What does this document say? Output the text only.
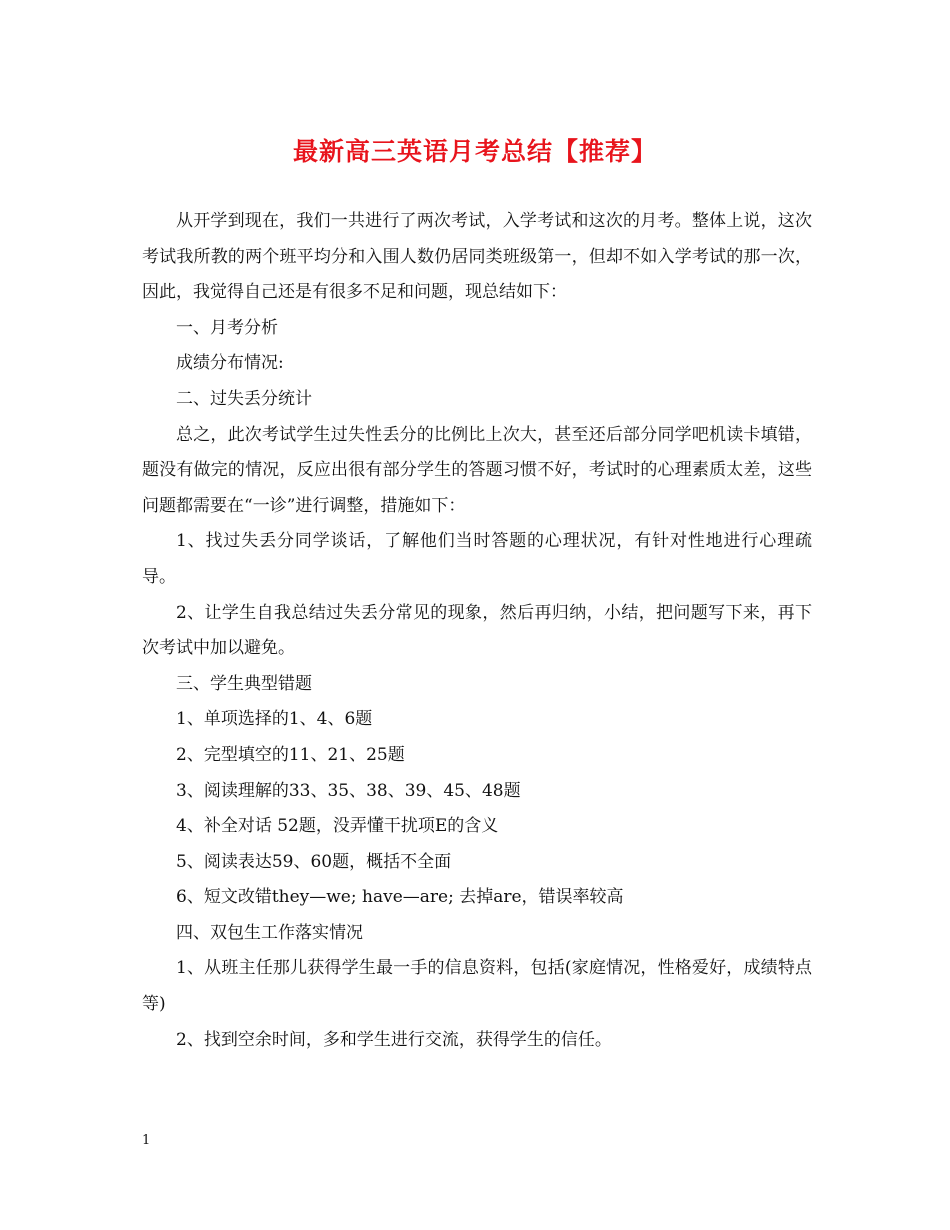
最新高三英语月考总结【推荐】

从开学到现在，我们一共进行了两次考试，入学考试和这次的月考。整体上说，这次考试我所教的两个班平均分和入围人数仍居同类班级第一，但却不如入学考试的那一次，因此，我觉得自己还是有很多不足和问题，现总结如下：

一、月考分析

成绩分布情况:

二、过失丢分统计

总之，此次考试学生过失性丢分的比例比上次大，甚至还后部分同学吧机读卡填错，题没有做完的情况，反应出很有部分学生的答题习惯不好，考试时的心理素质太差，这些问题都需要在“一诊”进行调整，措施如下：

1、找过失丢分同学谈话，了解他们当时答题的心理状况，有针对性地进行心理疏导。

2、让学生自我总结过失丢分常见的现象，然后再归纳，小结，把问题写下来，再下次考试中加以避免。

三、学生典型错题

1、单项选择的1、4、6题

2、完型填空的11、21、25题

3、阅读理解的33、35、38、39、45、48题

4、补全对话 52题，没弄懂干扰项E的含义

5、阅读表达59、60题，概括不全面

6、短文改错they—we; have—are; 去掉are，错误率较高

四、双包生工作落实情况

1、从班主任那儿获得学生最一手的信息资料，包括(家庭情况，性格爱好，成绩特点等)

2、找到空余时间，多和学生进行交流，获得学生的信任。

1
